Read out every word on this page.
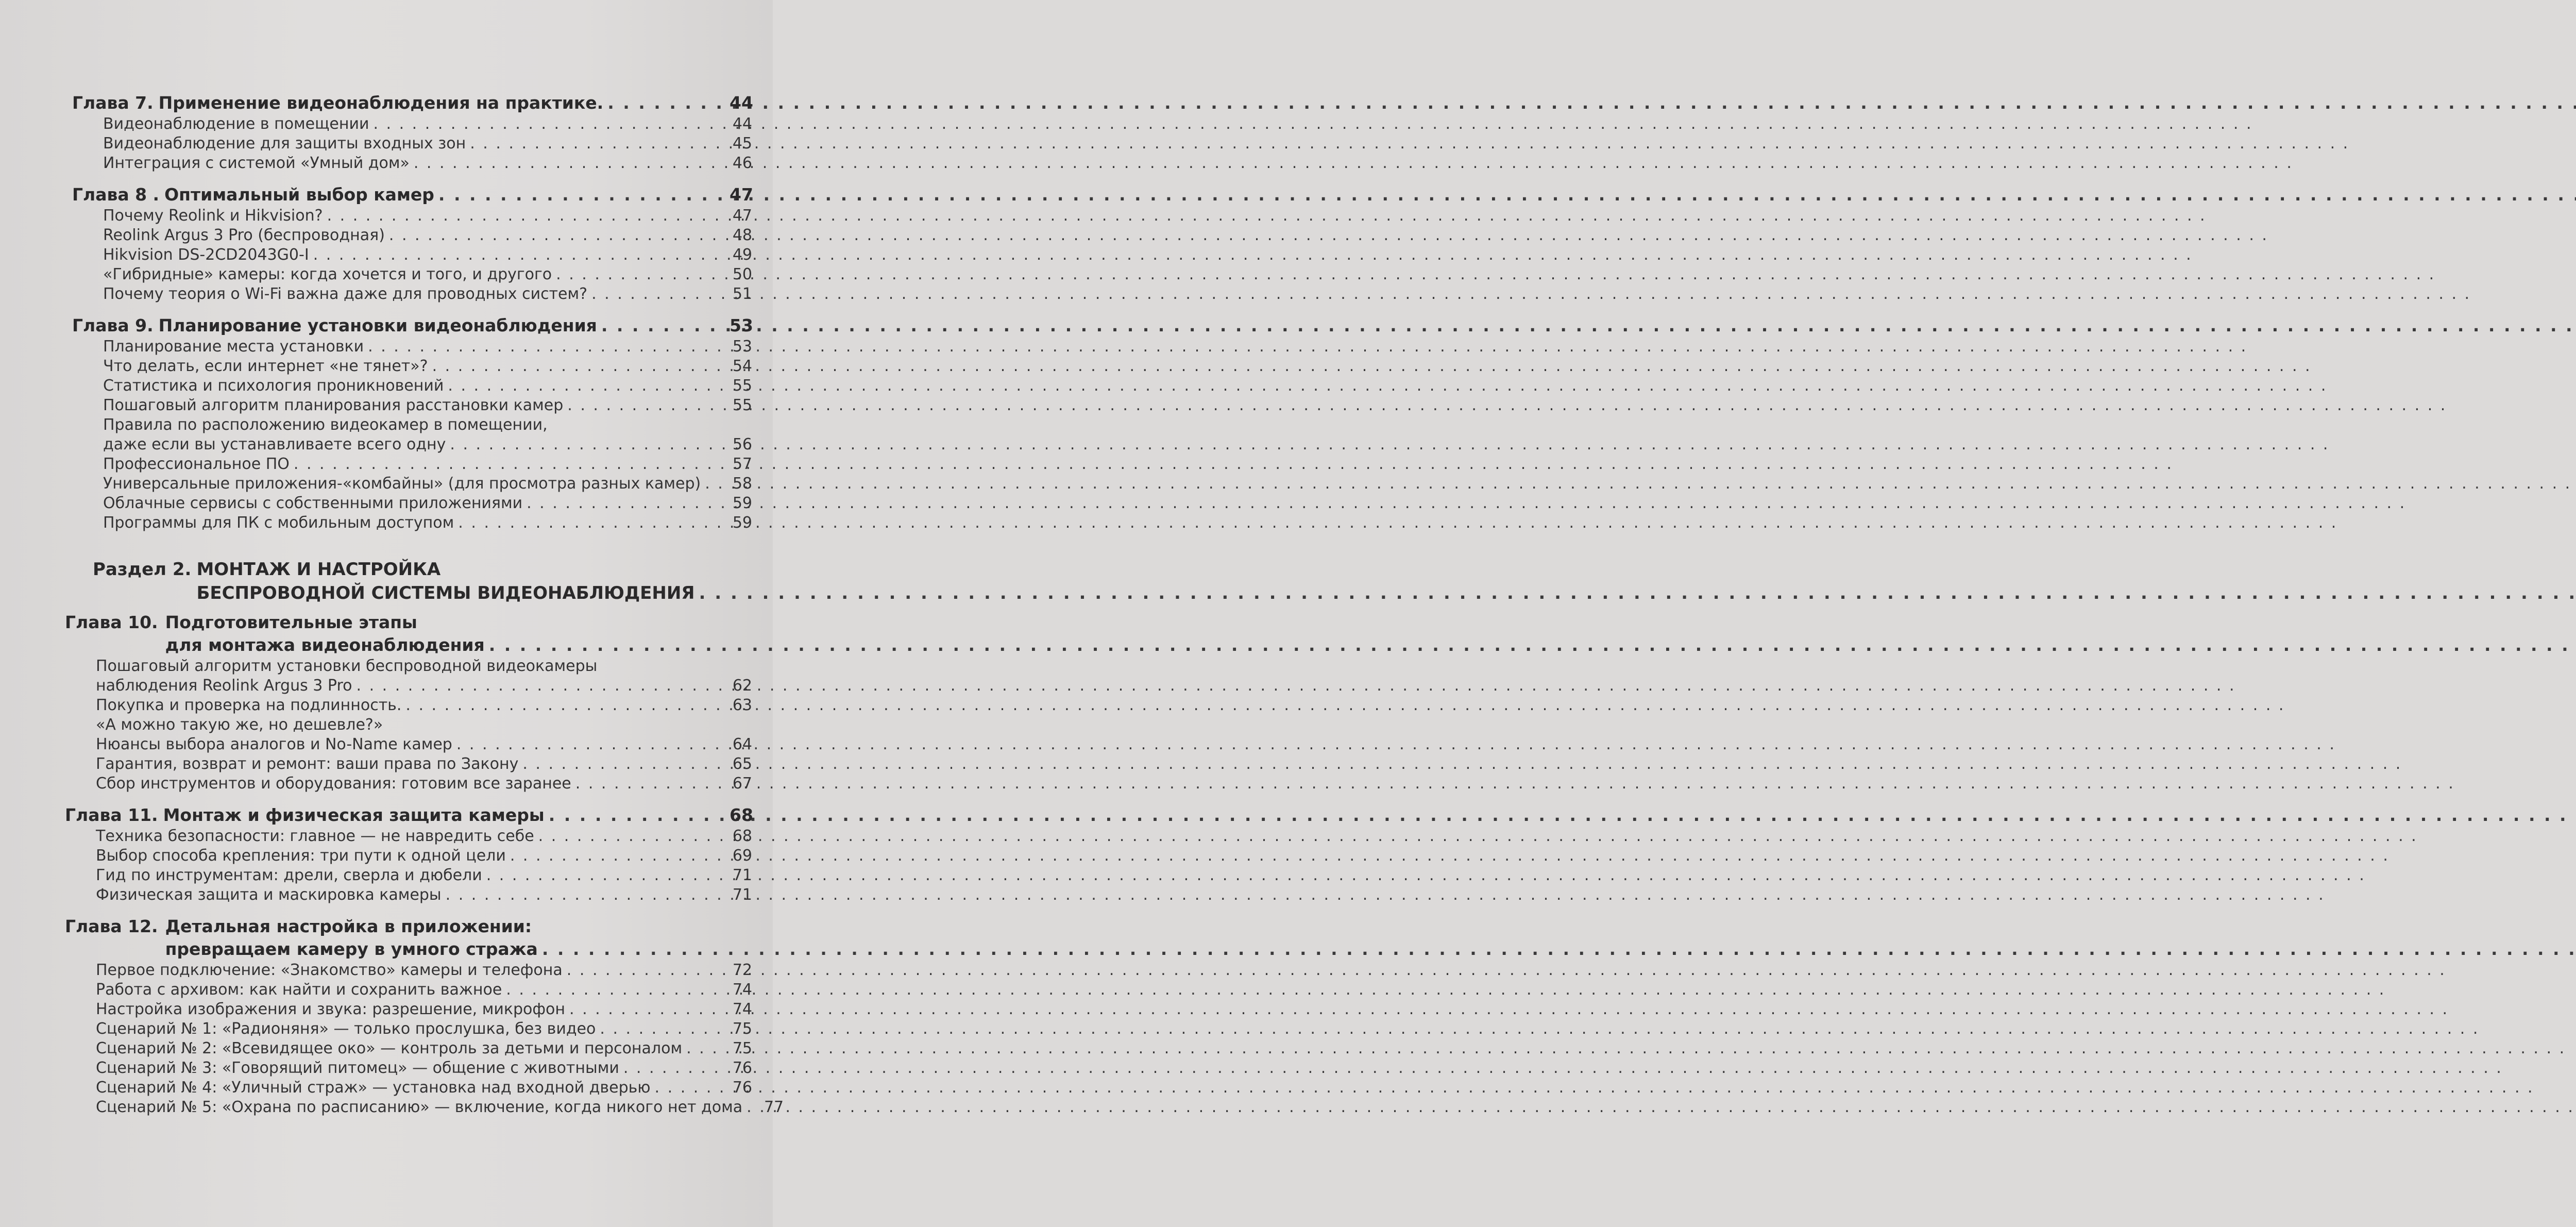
Глава 7. Применение видеонаблюдения на практике. . . .	44
Видеонаблюдение в помещении . . .	44
Видеонаблюдение для защиты входных зон . . .	45
Интеграция с системой «Умный дом» . . .	46
Глава 8 . Оптимальный выбор камер . . .	47
Почему Reolink и Hikvision? . . .	47
Reolink Argus 3 Pro (беспроводная) . . .	48
Hikvision DS-2CD2043G0-I . . .	49
«Гибридные» камеры: когда хочется и того, и другого . . .	50
Почему теория о Wi-Fi важна даже для проводных систем? . . .	51
Глава 9. Планирование установки видеонаблюдения . . .	53
Планирование места установки . . .	53
Что делать, если интернет «не тянет»? . . .	54
Статистика и психология проникновений . . .	55
Пошаговый алгоритм планирования расстановки камер . . .	55
Правила по расположению видеокамер в помещении,
даже если вы устанавливаете всего одну . . .	56
Профессиональное ПО . . .	57
Универсальные приложения-«комбайны» (для просмотра разных камер) . . . 58
Облачные сервисы с собственными приложениями . . .	59
Программы для ПК с мобильным доступом . . .	59
Раздел 2. МОНТАЖ И НАСТРОЙКА
БЕСПРОВОДНОЙ СИСТЕМЫ ВИДЕОНАБЛЮДЕНИЯ
. . .
Глава 10. Подготовительные этапы
для монтажа видеонаблюдения
. . .
Пошаговый алгоритм установки беспроводной видеокамеры
наблюдения Reolink Argus 3 Pro . . .	62
Покупка и проверка на подлинность. . . .	63
«А можно такую же, но дешевле?»
Нюансы выбора аналогов и No-Name камер . . .	64
Гарантия, возврат и ремонт: ваши права по Закону . . .	65
Сбор инструментов и оборудования: готовим все заранее . . .	67
Глава 11. Монтаж и физическая защита камеры . . .	68
Техника безопасности: главное — не навредить себе . . .	68
Выбор способа крепления: три пути к одной цели . . .	69
Гид по инструментам: дрели, сверла и дюбели . . .	71
Физическая защита и маскировка камеры . . .	71
Глава 12. Детальная настройка в приложении:
превращаем камеру в умного стража
. . .
Первое подключение: «Знакомство» камеры и телефона . . .	72
Работа с архивом: как найти и сохранить важное . . .	74
Настройка изображения и звука: разрешение, микрофон . . .	74
Сценарий № 1: «Радионяня» — только прослушка, без видео . . .	75
Сценарий № 2: «Всевидящее око» — контроль за детьми и персоналом . . .	75
Сценарий № 3: «Говорящий питомец» — общение с животными . . .	76
Сценарий № 4: «Уличный страж» — установка над входной дверью . . .	76
Сценарий № 5: «Охрана по расписанию» — включение, когда никого нет дома . . . 77
